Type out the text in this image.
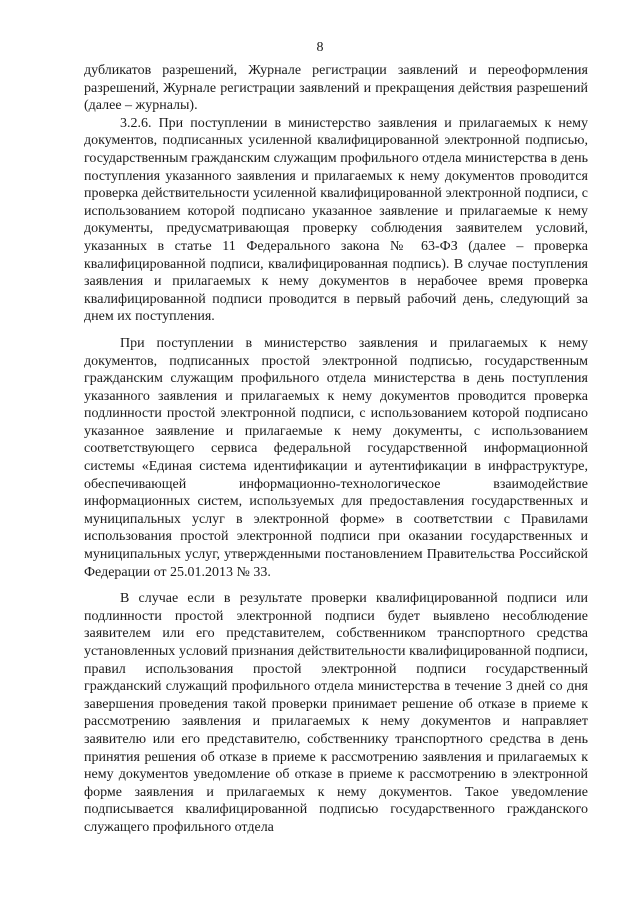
8

дубликатов разрешений, Журнале регистрации заявлений и переоформления разрешений, Журнале регистрации заявлений и прекращения действия разрешений (далее – журналы).

3.2.6. При поступлении в министерство заявления и прилагаемых к нему документов, подписанных усиленной квалифицированной электронной подписью, государственным гражданским служащим профильного отдела министерства в день поступления указанного заявления и прилагаемых к нему документов проводится проверка действительности усиленной квалифицированной электронной подписи, с использованием которой подписано указанное заявление и прилагаемые к нему документы, предусматривающая проверку соблюдения заявителем условий, указанных в статье 11 Федерального закона № 63-ФЗ (далее – проверка квалифицированной подписи, квалифицированная подпись). В случае поступления заявления и прилагаемых к нему документов в нерабочее время проверка квалифицированной подписи проводится в первый рабочий день, следующий за днем их поступления.

При поступлении в министерство заявления и прилагаемых к нему документов, подписанных простой электронной подписью, государственным гражданским служащим профильного отдела министерства в день поступления указанного заявления и прилагаемых к нему документов проводится проверка подлинности простой электронной подписи, с использованием которой подписано указанное заявление и прилагаемые к нему документы, с использованием соответствующего сервиса федеральной государственной информационной системы «Единая система идентификации и аутентификации в инфраструктуре, обеспечивающей информационно-технологическое взаимодействие информационных систем, используемых для предоставления государственных и муниципальных услуг в электронной форме» в соответствии с Правилами использования простой электронной подписи при оказании государственных и муниципальных услуг, утвержденными постановлением Правительства Российской Федерации от 25.01.2013 № 33.

В случае если в результате проверки квалифицированной подписи или подлинности простой электронной подписи будет выявлено несоблюдение заявителем или его представителем, собственником транспортного средства установленных условий признания действительности квалифицированной подписи, правил использования простой электронной подписи государственный гражданский служащий профильного отдела министерства в течение 3 дней со дня завершения проведения такой проверки принимает решение об отказе в приеме к рассмотрению заявления и прилагаемых к нему документов и направляет заявителю или его представителю, собственнику транспортного средства в день принятия решения об отказе в приеме к рассмотрению заявления и прилагаемых к нему документов уведомление об отказе в приеме к рассмотрению в электронной форме заявления и прилагаемых к нему документов. Такое уведомление подписывается квалифицированной подписью государственного гражданского служащего профильного отдела
